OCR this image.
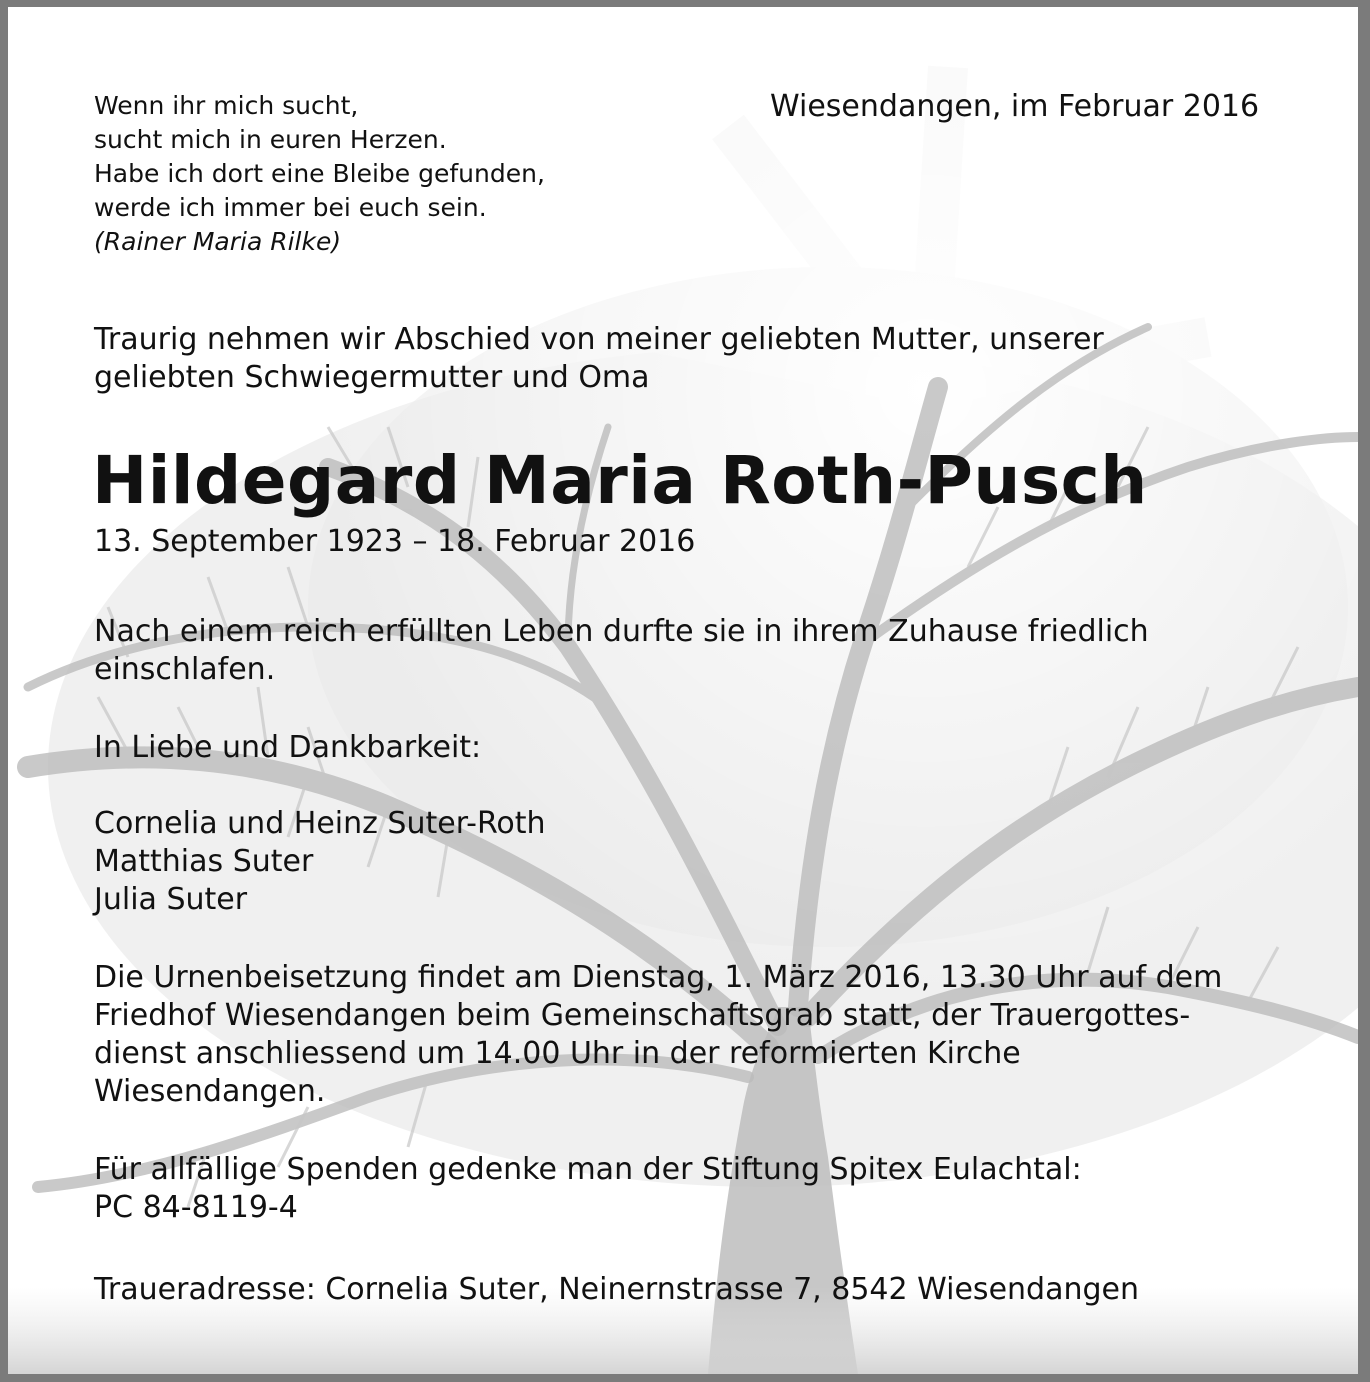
Wenn ihr mich sucht,
sucht mich in euren Herzen.
Habe ich dort eine Bleibe gefunden,
werde ich immer bei euch sein.
(Rainer Maria Rilke)
Wiesendangen, im Februar 2016
Traurig nehmen wir Abschied von meiner geliebten Mutter, unserer
geliebten Schwiegermutter und Oma
Hildegard Maria Roth-Pusch
13. September 1923 – 18. Februar 2016
Nach einem reich erfüllten Leben durfte sie in ihrem Zuhause friedlich
einschlafen.
In Liebe und Dankbarkeit:
Cornelia und Heinz Suter-Roth
Matthias Suter
Julia Suter
Die Urnenbeisetzung findet am Dienstag, 1. März 2016, 13.30 Uhr auf dem
Friedhof Wiesendangen beim Gemeinschaftsgrab statt, der Trauergottes-
dienst anschliessend um 14.00 Uhr in der reformierten Kirche
Wiesendangen.
Für allfällige Spenden gedenke man der Stiftung Spitex Eulachtal:
PC 84-8119-4
Traueradresse: Cornelia Suter, Neinernstrasse 7, 8542 Wiesendangen
